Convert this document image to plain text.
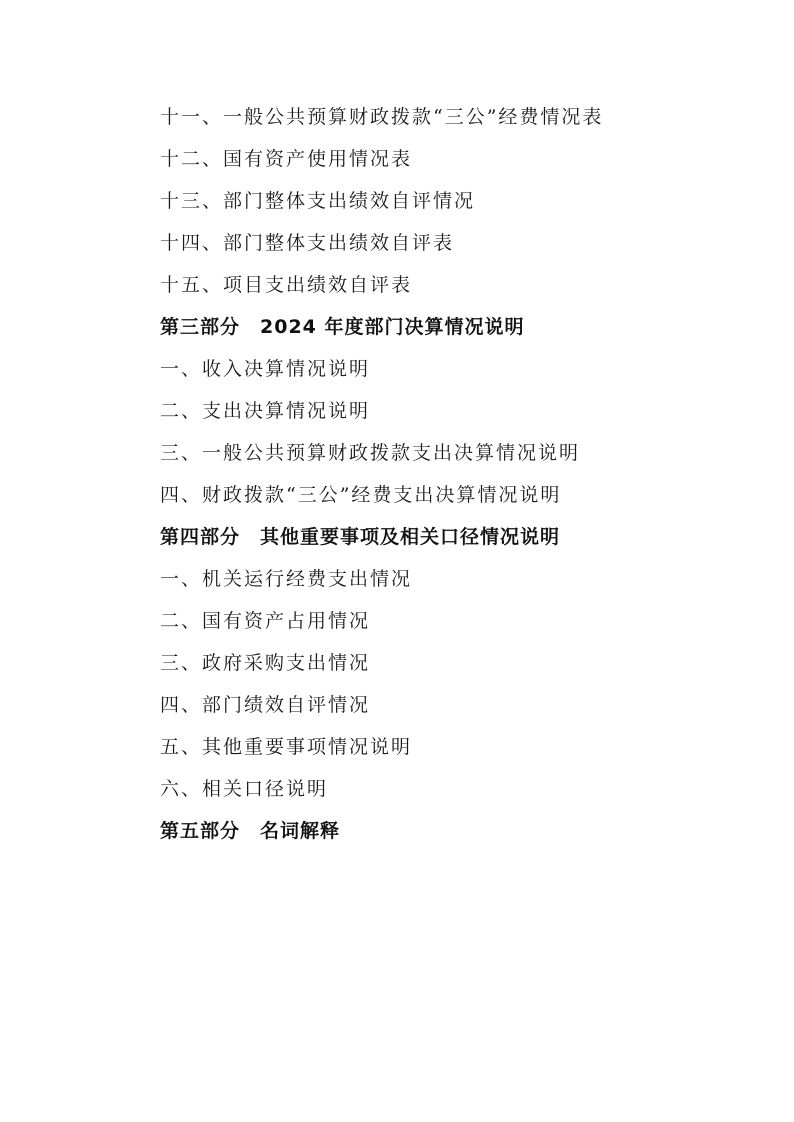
十一、一般公共预算财政拨款“三公”经费情况表
十二、国有资产使用情况表
十三、部门整体支出绩效自评情况
十四、部门整体支出绩效自评表
十五、项目支出绩效自评表
第三部分　2024 年度部门决算情况说明
一、收入决算情况说明
二、支出决算情况说明
三、一般公共预算财政拨款支出决算情况说明
四、财政拨款“三公”经费支出决算情况说明
第四部分　其他重要事项及相关口径情况说明
一、机关运行经费支出情况
二、国有资产占用情况
三、政府采购支出情况
四、部门绩效自评情况
五、其他重要事项情况说明
六、相关口径说明
第五部分　名词解释
